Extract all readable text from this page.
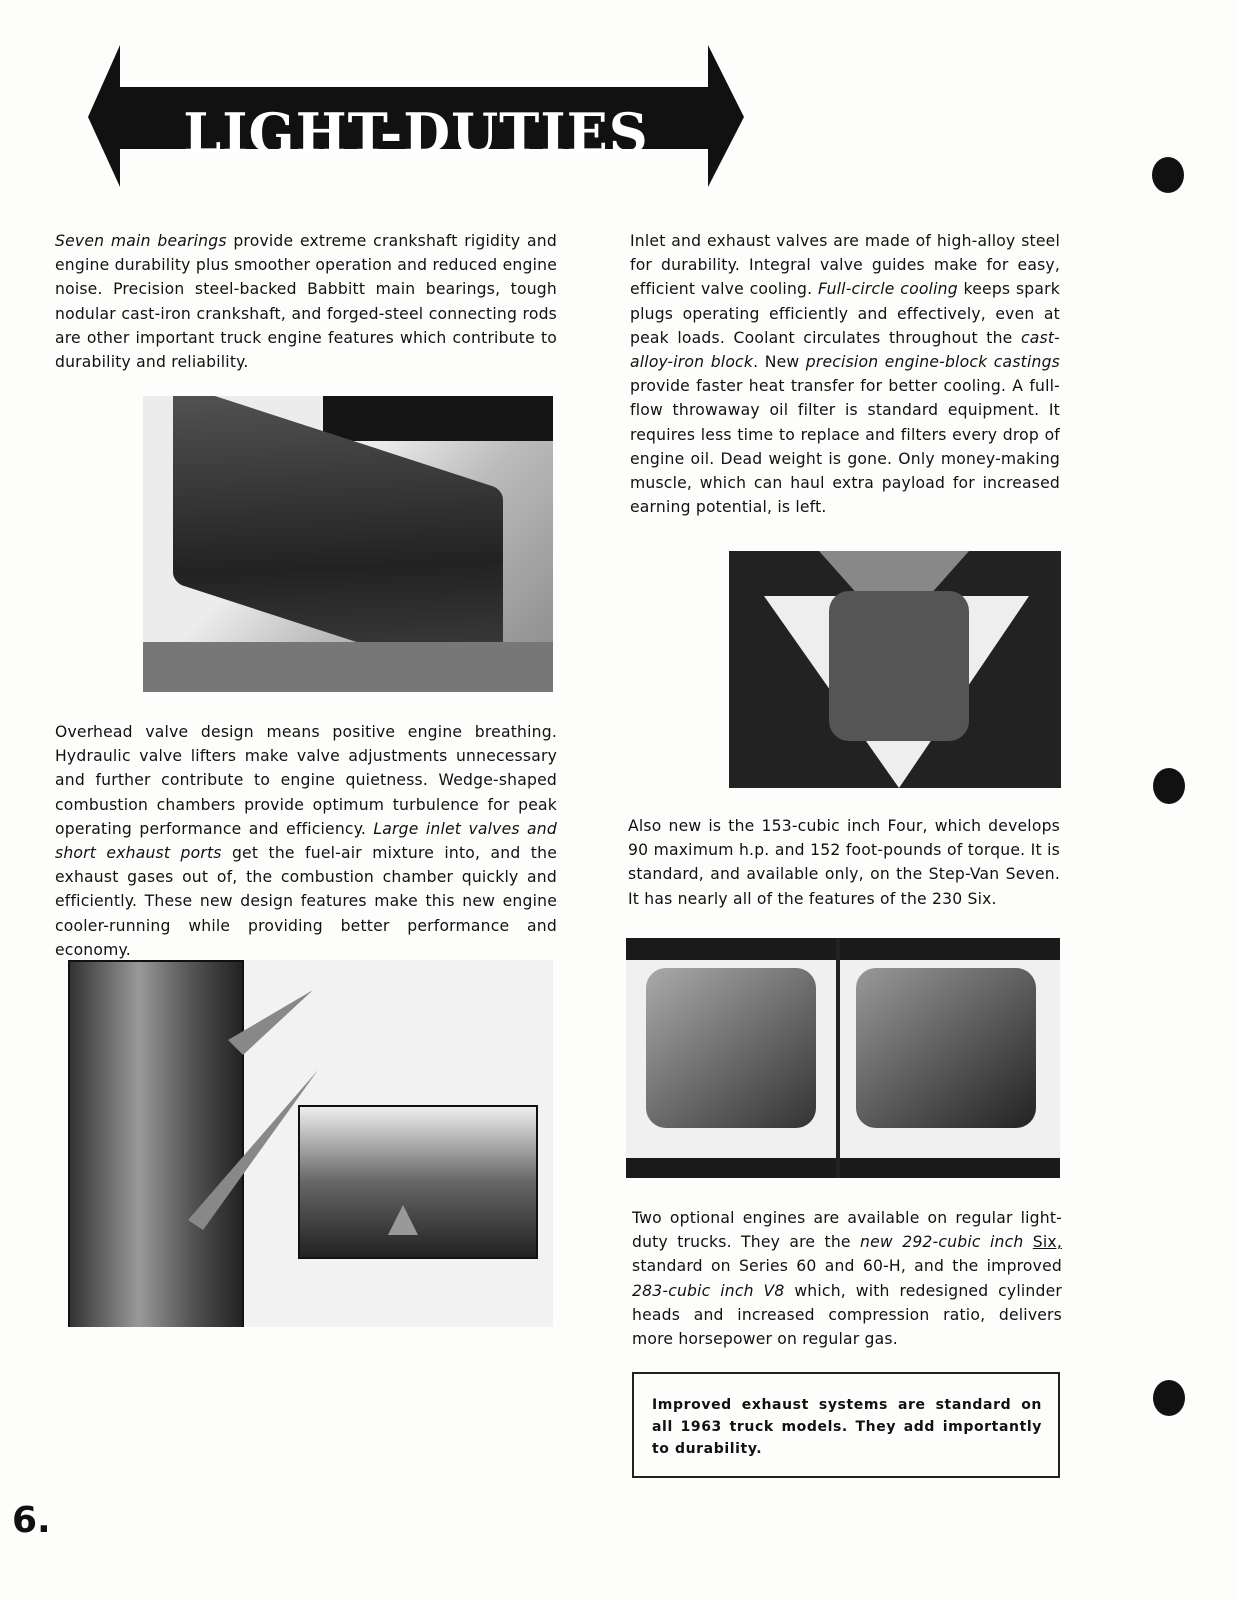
LIGHT-DUTIES
Seven main bearings provide extreme crankshaft rigidity and engine durability plus smoother operation and reduced engine noise. Precision steel-backed Babbitt main bearings, tough nodular cast-iron crankshaft, and forged-steel connecting rods are other important truck engine features which contribute to durability and reliability.
Inlet and exhaust valves are made of high-alloy steel for durability. Integral valve guides make for easy, efficient valve cooling. Full-circle cooling keeps spark plugs operating efficiently and effectively, even at peak loads. Coolant circulates throughout the cast-alloy-iron block. New precision engine-block castings provide faster heat transfer for better cooling. A full-flow throwaway oil filter is standard equipment. It requires less time to replace and filters every drop of engine oil. Dead weight is gone. Only money-making muscle, which can haul extra payload for increased earning potential, is left.
Overhead valve design means positive engine breathing. Hydraulic valve lifters make valve adjustments unnecessary and further contribute to engine quietness. Wedge-shaped combustion chambers provide optimum turbulence for peak operating performance and efficiency. Large inlet valves and short exhaust ports get the fuel-air mixture into, and the exhaust gases out of, the combustion chamber quickly and efficiently. These new design features make this new engine cooler-running while providing better performance and economy.
Also new is the 153-cubic inch Four, which develops 90 maximum h.p. and 152 foot-pounds of torque. It is standard, and available only, on the Step-Van Seven. It has nearly all of the features of the 230 Six.
Two optional engines are available on regular light-duty trucks. They are the new 292-cubic inch Six, standard on Series 60 and 60-H, and the improved 283-cubic inch V8 which, with redesigned cylinder heads and increased compression ratio, delivers more horsepower on regular gas.
Improved exhaust systems are standard on all 1963 truck models. They add importantly to durability.
6.
